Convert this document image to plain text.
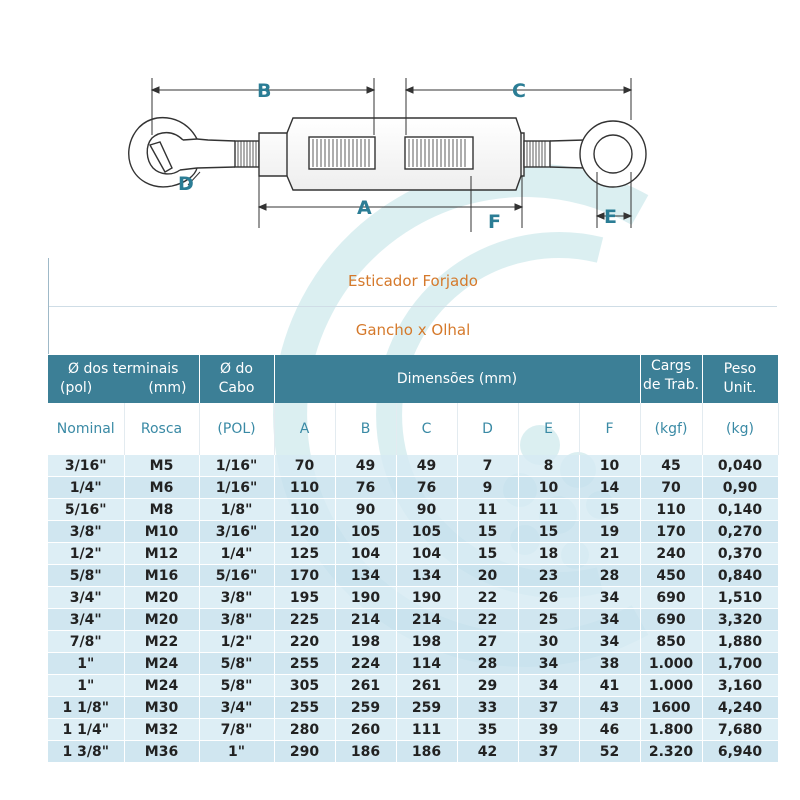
B	C
A
D
E
F
Esticador Forjado
Gancho x Olhal
Ø dos terminais
(pol) (mm)		Ø do Cabo	Dimensões (mm)						Cargs de Trab.	Peso Unit.
Nominal	Rosca	(POL)	A	B	C	D	E	F	(kgf)	(kg)
3/16"	M5	1/16"	70	49	49	7	8	10	45	0,040
1/4"	M6	1/16"	110	76	76	9	10	14	70	0,90
5/16"	M8	1/8"	110	90	90	11	11	15	110	0,140
3/8"	M10	3/16"	120	105	105	15	15	19	170	0,270
1/2"	M12	1/4"	125	104	104	15	18	21	240	0,370
5/8"	M16	5/16"	170	134	134	20	23	28	450	0,840
3/4"	M20	3/8"	195	190	190	22	26	34	690	1,510
3/4"	M20	3/8"	225	214	214	22	25	34	690	3,320
7/8"	M22	1/2"	220	198	198	27	30	34	850	1,880
1"	M24	5/8"	255	224	114	28	34	38	1.000	1,700
1"	M24	5/8"	305	261	261	29	34	41	1.000	3,160
1 1/8"	M30	3/4"	255	259	259	33	37	43	1600	4,240
1 1/4"	M32	7/8"	280	260	111	35	39	46	1.800	7,680
1 3/8"	M36	1"	290	186	186	42	37	52	2.320	6,940
